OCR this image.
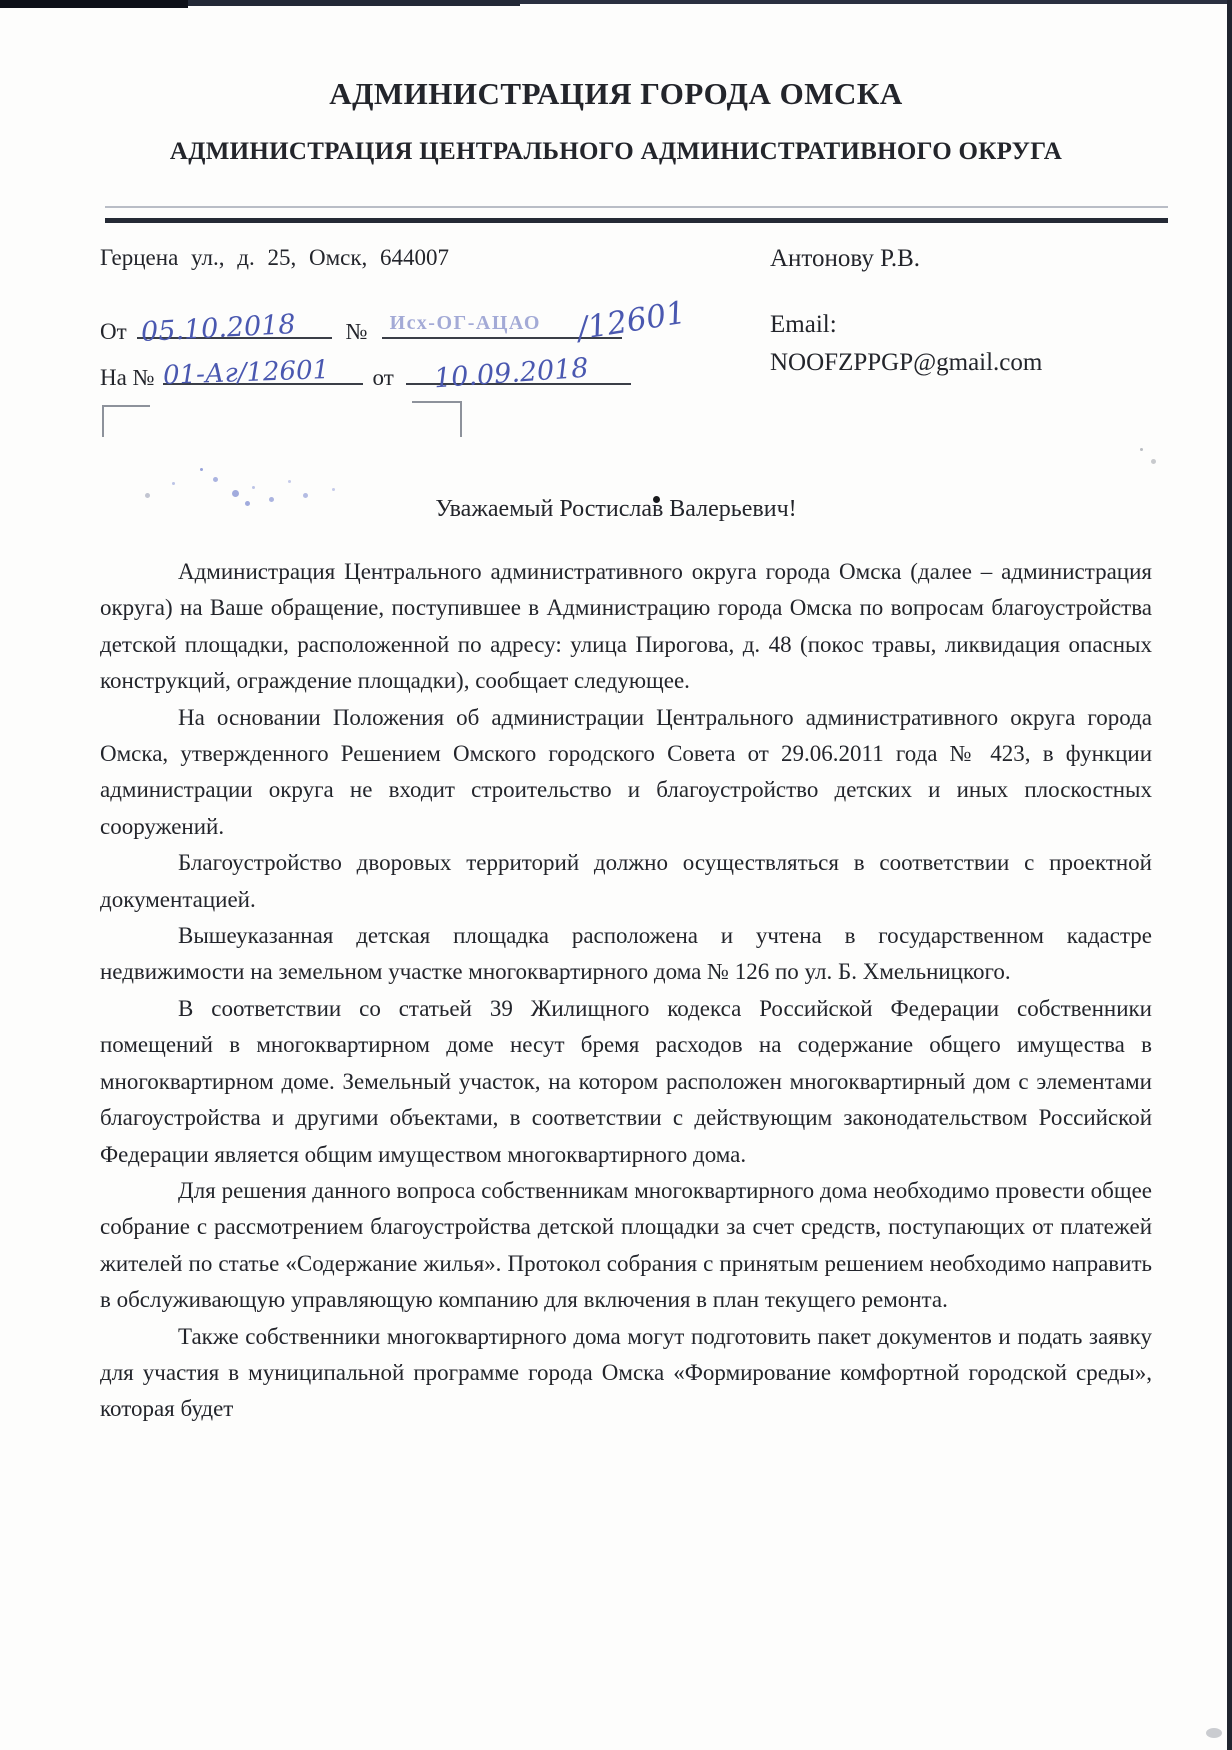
АДМИНИСТРАЦИЯ ГОРОДА ОМСКА
АДМИНИСТРАЦИЯ ЦЕНТРАЛЬНОГО АДМИНИСТРАТИВНОГО ОКРУГА
Герцена ул., д. 25, Омск, 644007
От 05.10.2018 № Исх-ОГ-АЦАО /12601
На № 01-Аг/12601 от 10.09.2018
Антонову Р.В.
Email:
NOOFZPPGP@gmail.com
Уважаемый Ростислав Валерьевич!

Администрация Центрального административного округа города Омска (далее – администрация округа) на Ваше обращение, поступившее в Администрацию города Омска по вопросам благоустройства детской площадки, расположенной по адресу: улица Пирогова, д. 48 (покос травы, ликвидация опасных конструкций, ограждение площадки), сообщает следующее.

На основании Положения об администрации Центрального административного округа города Омска, утвержденного Решением Омского городского Совета от 29.06.2011 года № 423, в функции администрации округа не входит строительство и благоустройство детских и иных плоскостных сооружений.

Благоустройство дворовых территорий должно осуществляться в соответствии с проектной документацией.

Вышеуказанная детская площадка расположена и учтена в государственном кадастре недвижимости на земельном участке многоквартирного дома № 126 по ул. Б. Хмельницкого.

В соответствии со статьей 39 Жилищного кодекса Российской Федерации собственники помещений в многоквартирном доме несут бремя расходов на содержание общего имущества в многоквартирном доме. Земельный участок, на котором расположен многоквартирный дом с элементами благоустройства и другими объектами, в соответствии с действующим законодательством Российской Федерации является общим имуществом многоквартирного дома.

Для решения данного вопроса собственникам многоквартирного дома необходимо провести общее собрание с рассмотрением благоустройства детской площадки за счет средств, поступающих от платежей жителей по статье «Содержание жилья». Протокол собрания с принятым решением необходимо направить в обслуживающую управляющую компанию для включения в план текущего ремонта.

Также собственники многоквартирного дома могут подготовить пакет документов и подать заявку для участия в муниципальной программе города Омска «Формирование комфортной городской среды», которая будет
